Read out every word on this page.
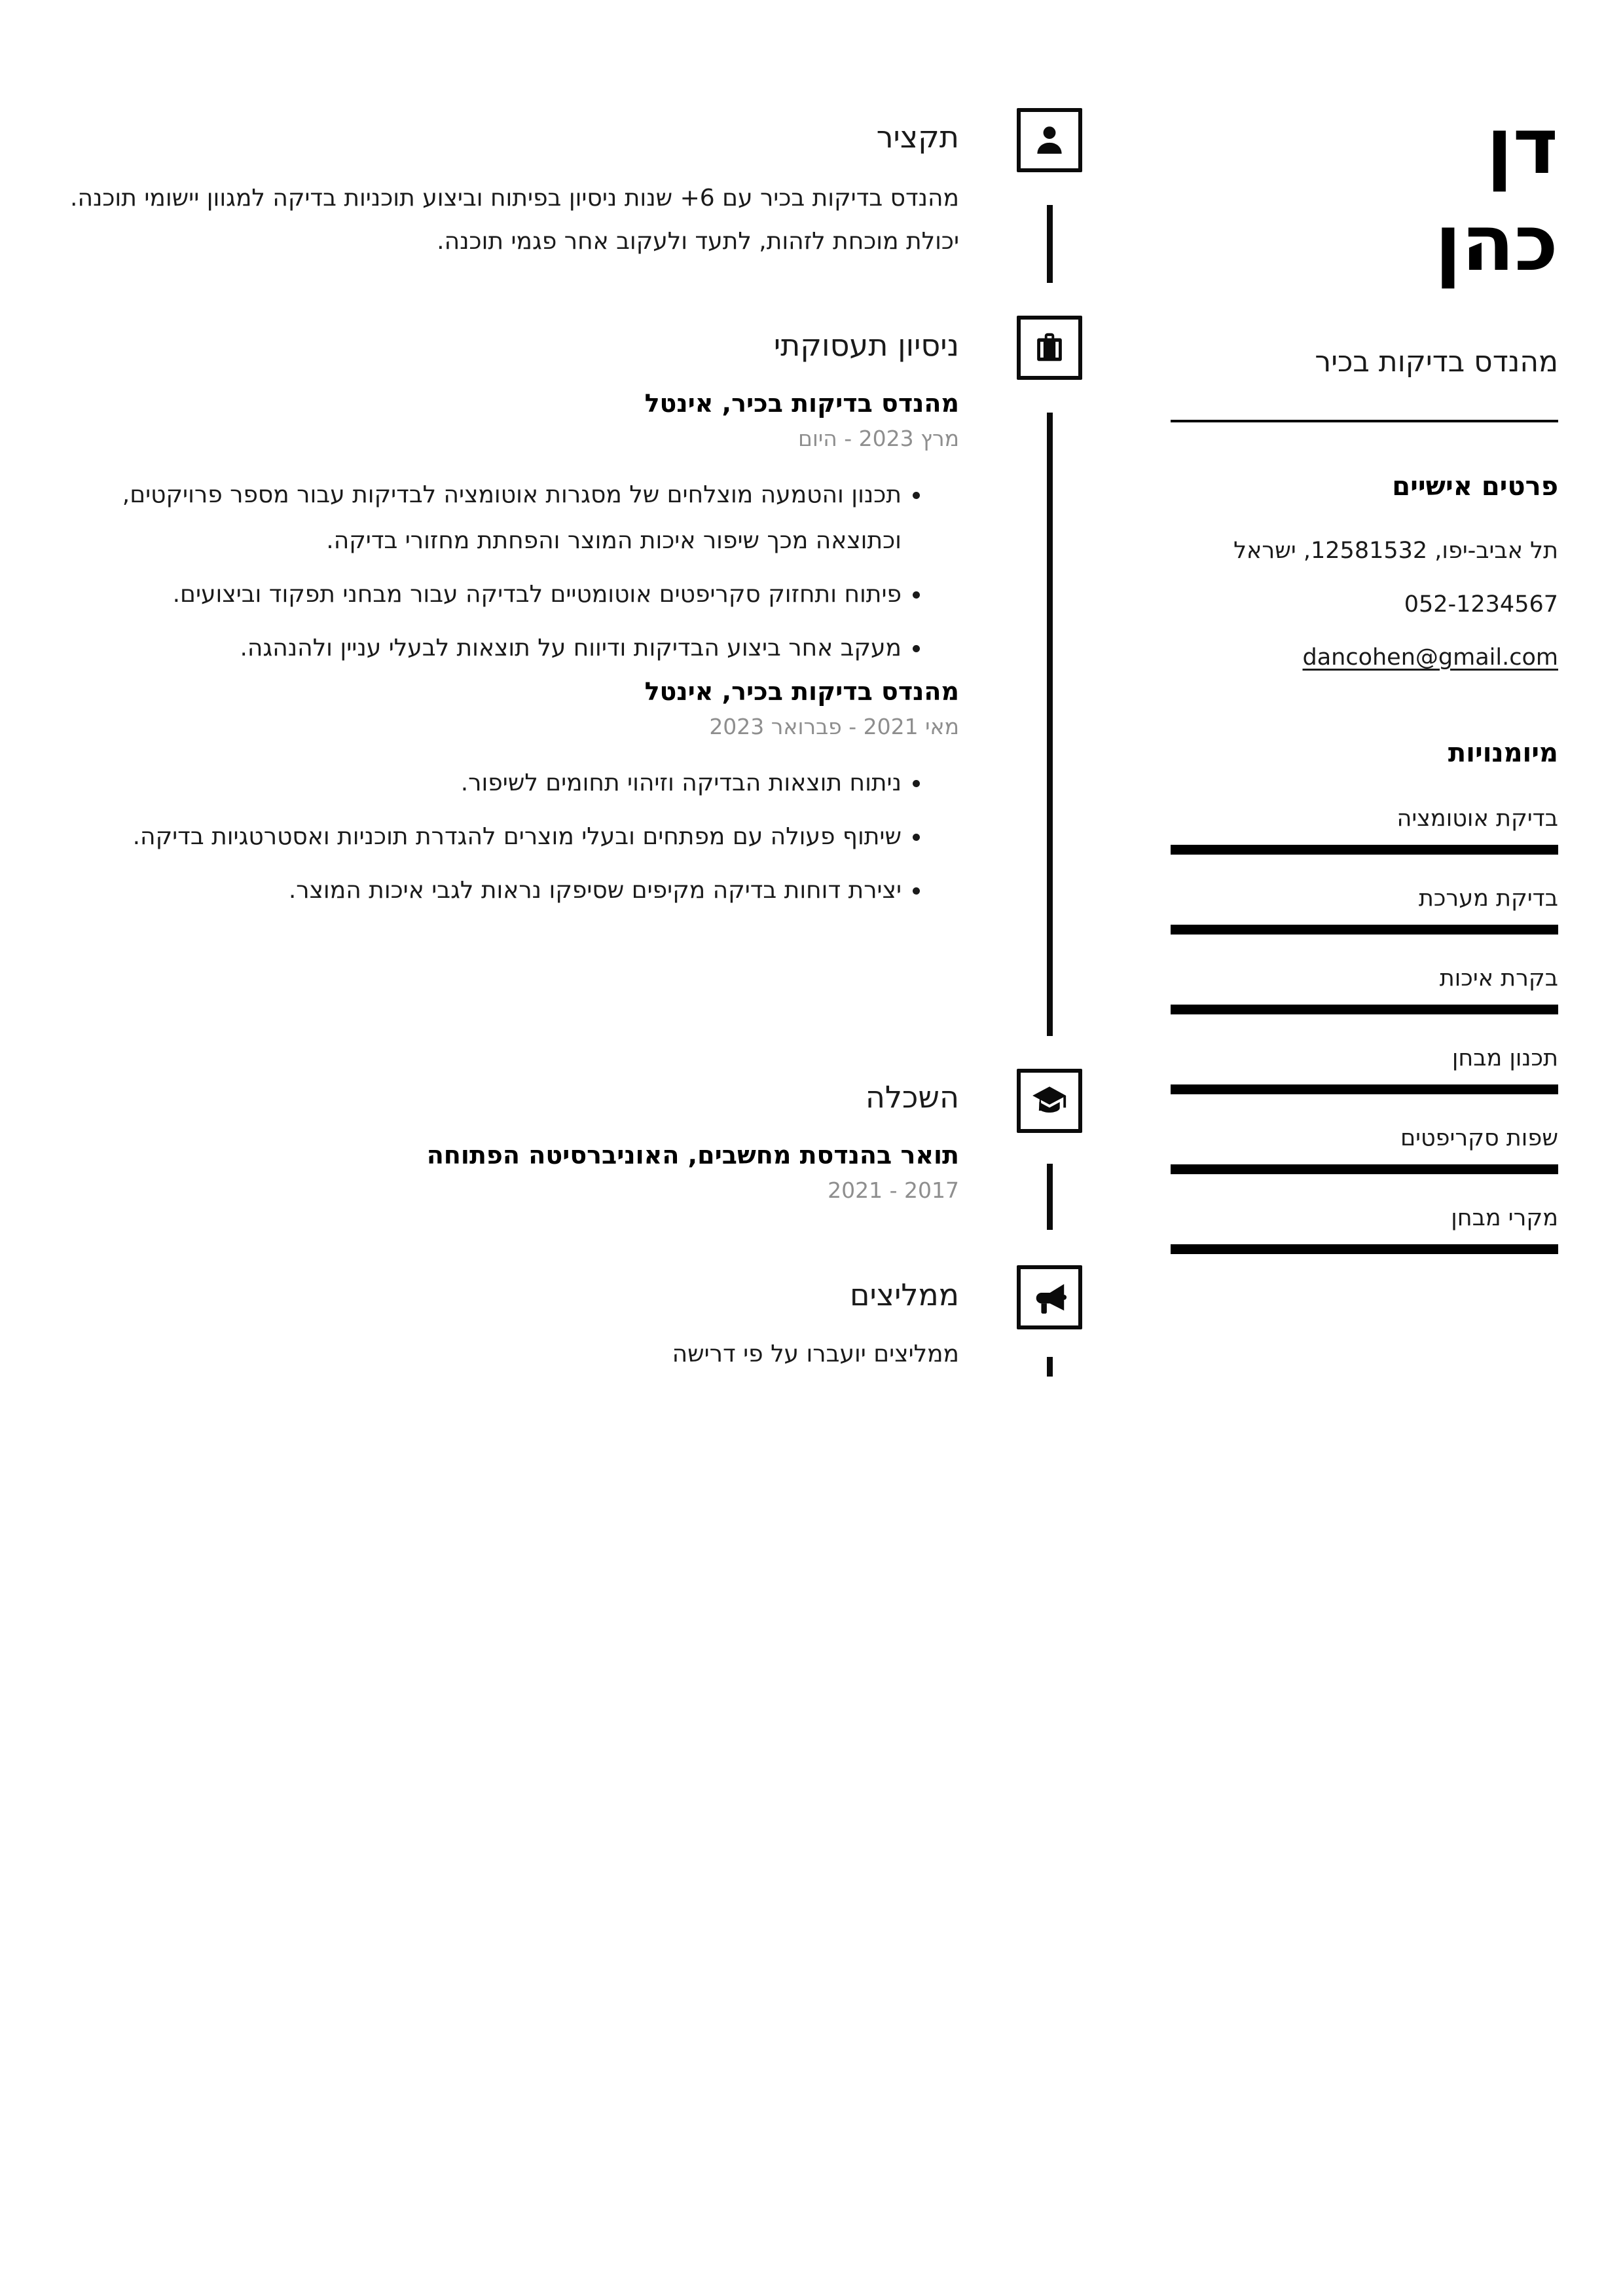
דן
כהן
מהנדס בדיקות בכיר
פרטים אישיים
תל אביב-יפו, 12581532, ישראל
052-1234567
dancohen@gmail.com
מיומנויות
בדיקת אוטומציה
בדיקת מערכת
בקרת איכות
תכנון מבחן
שפות סקריפטים
מקרי מבחן
תקציר

מהנדס בדיקות בכיר עם 6+ שנות ניסיון בפיתוח וביצוע תוכניות בדיקה למגוון יישומי תוכנה. יכולת מוכחת לזהות, לתעד ולעקוב אחר פגמי תוכנה.

ניסיון תעסוקתי
מהנדס בדיקות בכיר, אינטל
מרץ 2023 - היום
• תכנון והטמעה מוצלחים של מסגרות אוטומציה לבדיקות עבור מספר פרויקטים, וכתוצאה מכך שיפור איכות המוצר והפחתת מחזורי בדיקה.
• פיתוח ותחזוק סקריפטים אוטומטיים לבדיקה עבור מבחני תפקוד וביצועים.
• מעקב אחר ביצוע הבדיקות ודיווח על תוצאות לבעלי עניין ולהנהגה.
מהנדס בדיקות בכיר, אינטל
מאי 2021 - פברואר 2023
• ניתוח תוצאות הבדיקה וזיהוי תחומים לשיפור.
• שיתוף פעולה עם מפתחים ובעלי מוצרים להגדרת תוכניות ואסטרטגיות בדיקה.
• יצירת דוחות בדיקה מקיפים שסיפקו נראות לגבי איכות המוצר.
השכלה
תואר בהנדסת מחשבים, האוניברסיטה הפתוחה
2017 - 2021
ממליצים

ממליצים יועברו על פי דרישה
